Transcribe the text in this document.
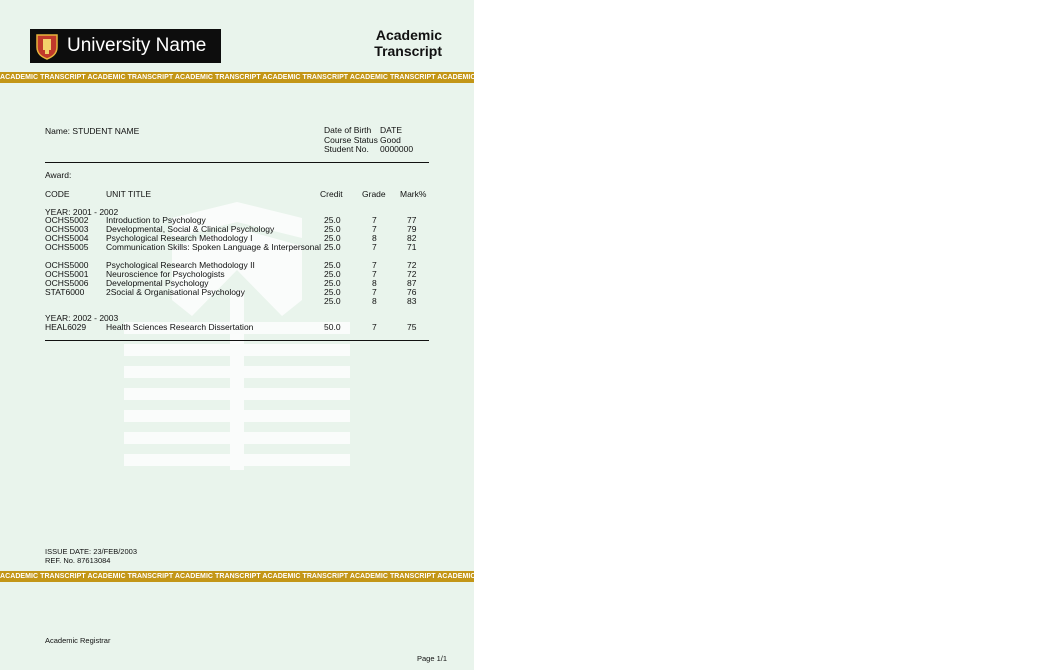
University Name	Academic
Transcript
ACADEMIC TRANSCRIPT ACADEMIC TRANSCRIPT ACADEMIC TRANSCRIPT ACADEMIC TRANSCRIPT ACADEMIC TRANSCRIPT ACADEMIC TRANSCRIPT ACADEMIC TRANSCRIPT ACADEMIC TRANSCRIPT ACADEMIC TRANSCRIPT ACADEMIC TRANSCRIPT ACADEMIC TRANSCRIPT ACADEMIC TRANSCRIPT
Name: STUDENT NAME	Date of Birth	DATE
Course Status Good
Student No.	0000000
Award:
CODE	UNIT TITLE	Credit Grade Mark%
YEAR: 2001 - 2002
OCHS5002 Introduction to Psychology	25.0	7	77
OCHS5003 Developmental, Social & Clinical Psychology	25.0	7	79
OCHS5004 Psychological Research Methodology I	25.0	8	82
OCHS5005 Communication Skills: Spoken Language & Interpersonal 25.0	7	71
OCHS5000 Psychological Research Methodology II	25.0	7	72
OCHS5001 Neuroscience for Psychologists	25.0	7	72
OCHS5006 Developmental Psychology	25.0	8	87
STAT6000	2Social & Organisational Psychology	25.0	7	76
25.0	8	83
YEAR: 2002 - 2003
HEAL6029 Health Sciences Research Dissertation	50.0	7	75
ISSUE DATE: 23/FEB/2003
REF. No. 87613084
ACADEMIC TRANSCRIPT ACADEMIC TRANSCRIPT ACADEMIC TRANSCRIPT ACADEMIC TRANSCRIPT ACADEMIC TRANSCRIPT ACADEMIC TRANSCRIPT ACADEMIC TRANSCRIPT ACADEMIC TRANSCRIPT ACADEMIC TRANSCRIPT ACADEMIC TRANSCRIPT ACADEMIC TRANSCRIPT ACADEMIC TRANSCRIPT
Academic Registrar
Page 1/1
